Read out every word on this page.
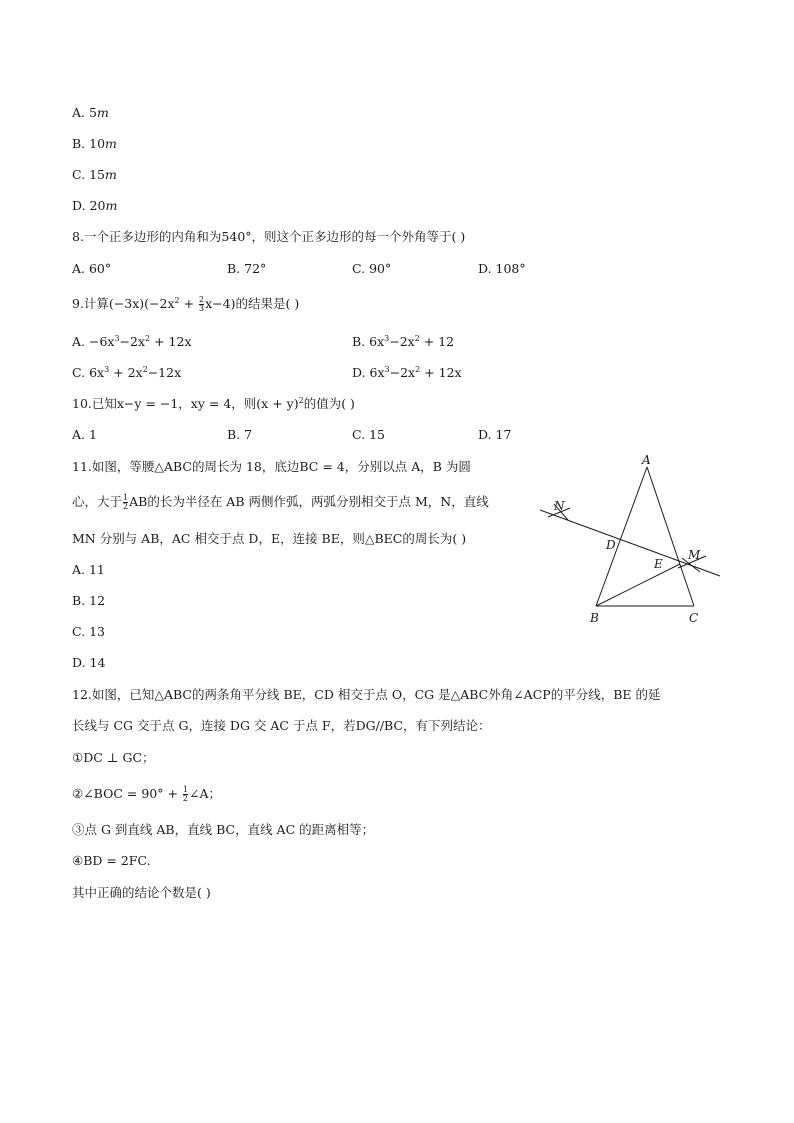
A. 5m
B. 10m
C. 15m
D. 20m
8.一个正多边形的内角和为540°，则这个正多边形的每一个外角等于( )
A. 60°	B. 72°	C. 90°	D. 108°
9.计算$(-3x)(-2x^2 + \frac{2}{3} x-4)$的结果是( )
A. $-6x^3-2x^2 + 12x$	B. $6x^3-2x^2 + 12$
C. $6x^3 + 2x^2-12x$	D. $6x^3-2x^2 + 12x$
10.已知x−y = −1，xy = 4，则$(x + y)^2$的值为( )
A. 1	B. 7	C. 15	D. 17
11.如图，等腰△ABC的周长为 18，底边BC = 4，分别以点 A，B 为圆
心，大于 $\frac{1}{2}$ AB的长为半径在 AB 两侧作弧，两弧分别相交于点 M，N，直线
MN 分别与 AB，AC 相交于点 D，E，连接 BE，则△BEC的周长为( )
A. 11
B. 12
C. 13
D. 14
A
B	C
D
E
M
N
12.如图，已知△ABC的两条角平分线 BE，CD 相交于点 O，CG 是△ABC外角∠ACP的平分线，BE 的延
长线与 CG 交于点 G，连接 DG 交 AC 于点 F，若DG//BC，有下列结论：
①DC ⊥ GC；
②∠BOC = $90^\circ + \frac{1}{2}$ ∠A；
③点 G 到直线 AB，直线 BC，直线 AC 的距离相等；
④BD = 2FC.
其中正确的结论个数是( )
